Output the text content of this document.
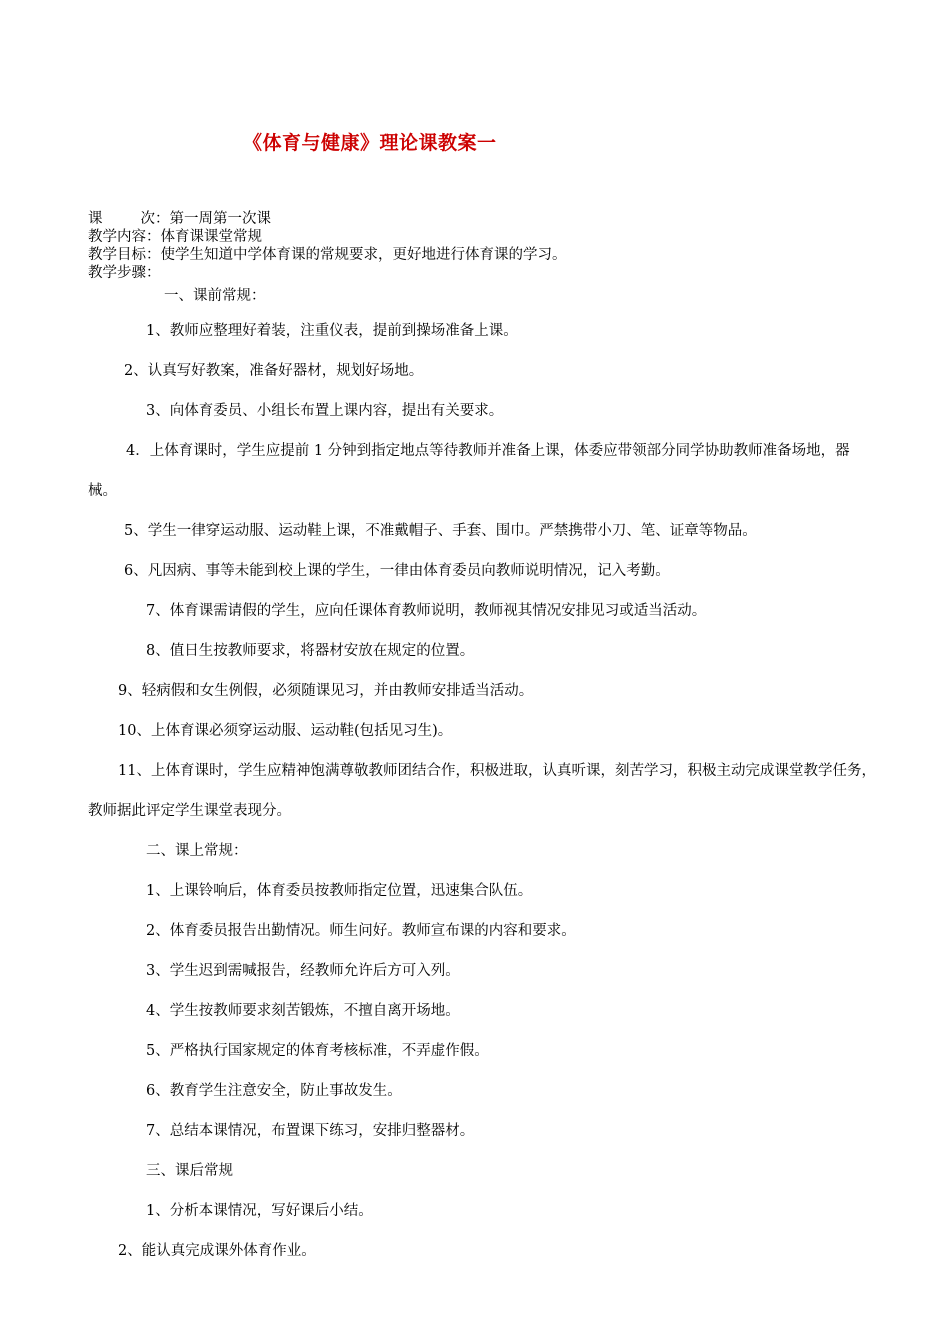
《体育与健康》理论课教案一
课	次：第一周第一次课
教学内容：体育课课堂常规
教学目标：使学生知道中学体育课的常规要求，更好地进行体育课的学习。
教学步骤：
一、课前常规：
1、教师应整理好着装，注重仪表，提前到操场准备上课。
2、认真写好教案，准备好器材，规划好场地。
3、向体育委员、小组长布置上课内容，提出有关要求。
4．上体育课时，学生应提前 1 分钟到指定地点等待教师并准备上课，体委应带领部分同学协助教师准备场地，器械。
5、学生一律穿运动服、运动鞋上课，不准戴帽子、手套、围巾。严禁携带小刀、笔、证章等物品。
6、凡因病、事等未能到校上课的学生，一律由体育委员向教师说明情况，记入考勤。
7、体育课需请假的学生，应向任课体育教师说明，教师视其情况安排见习或适当活动。
8、值日生按教师要求，将器材安放在规定的位置。
9、轻病假和女生例假，必须随课见习，并由教师安排适当活动。
10、上体育课必须穿运动服、运动鞋(包括见习生)。
11、上体育课时，学生应精神饱满尊敬教师团结合作，积极进取，认真听课，刻苦学习，积极主动完成课堂教学任务，教师据此评定学生课堂表现分。
二、课上常规：
1、上课铃响后，体育委员按教师指定位置，迅速集合队伍。
2、体育委员报告出勤情况。师生问好。教师宣布课的内容和要求。
3、学生迟到需喊报告，经教师允许后方可入列。
4、学生按教师要求刻苦锻炼，不擅自离开场地。
5、严格执行国家规定的体育考核标准，不弄虚作假。
6、教育学生注意安全，防止事故发生。
7、总结本课情况，布置课下练习，安排归整器材。
三、课后常规
1、分析本课情况，写好课后小结。
2、能认真完成课外体育作业。
